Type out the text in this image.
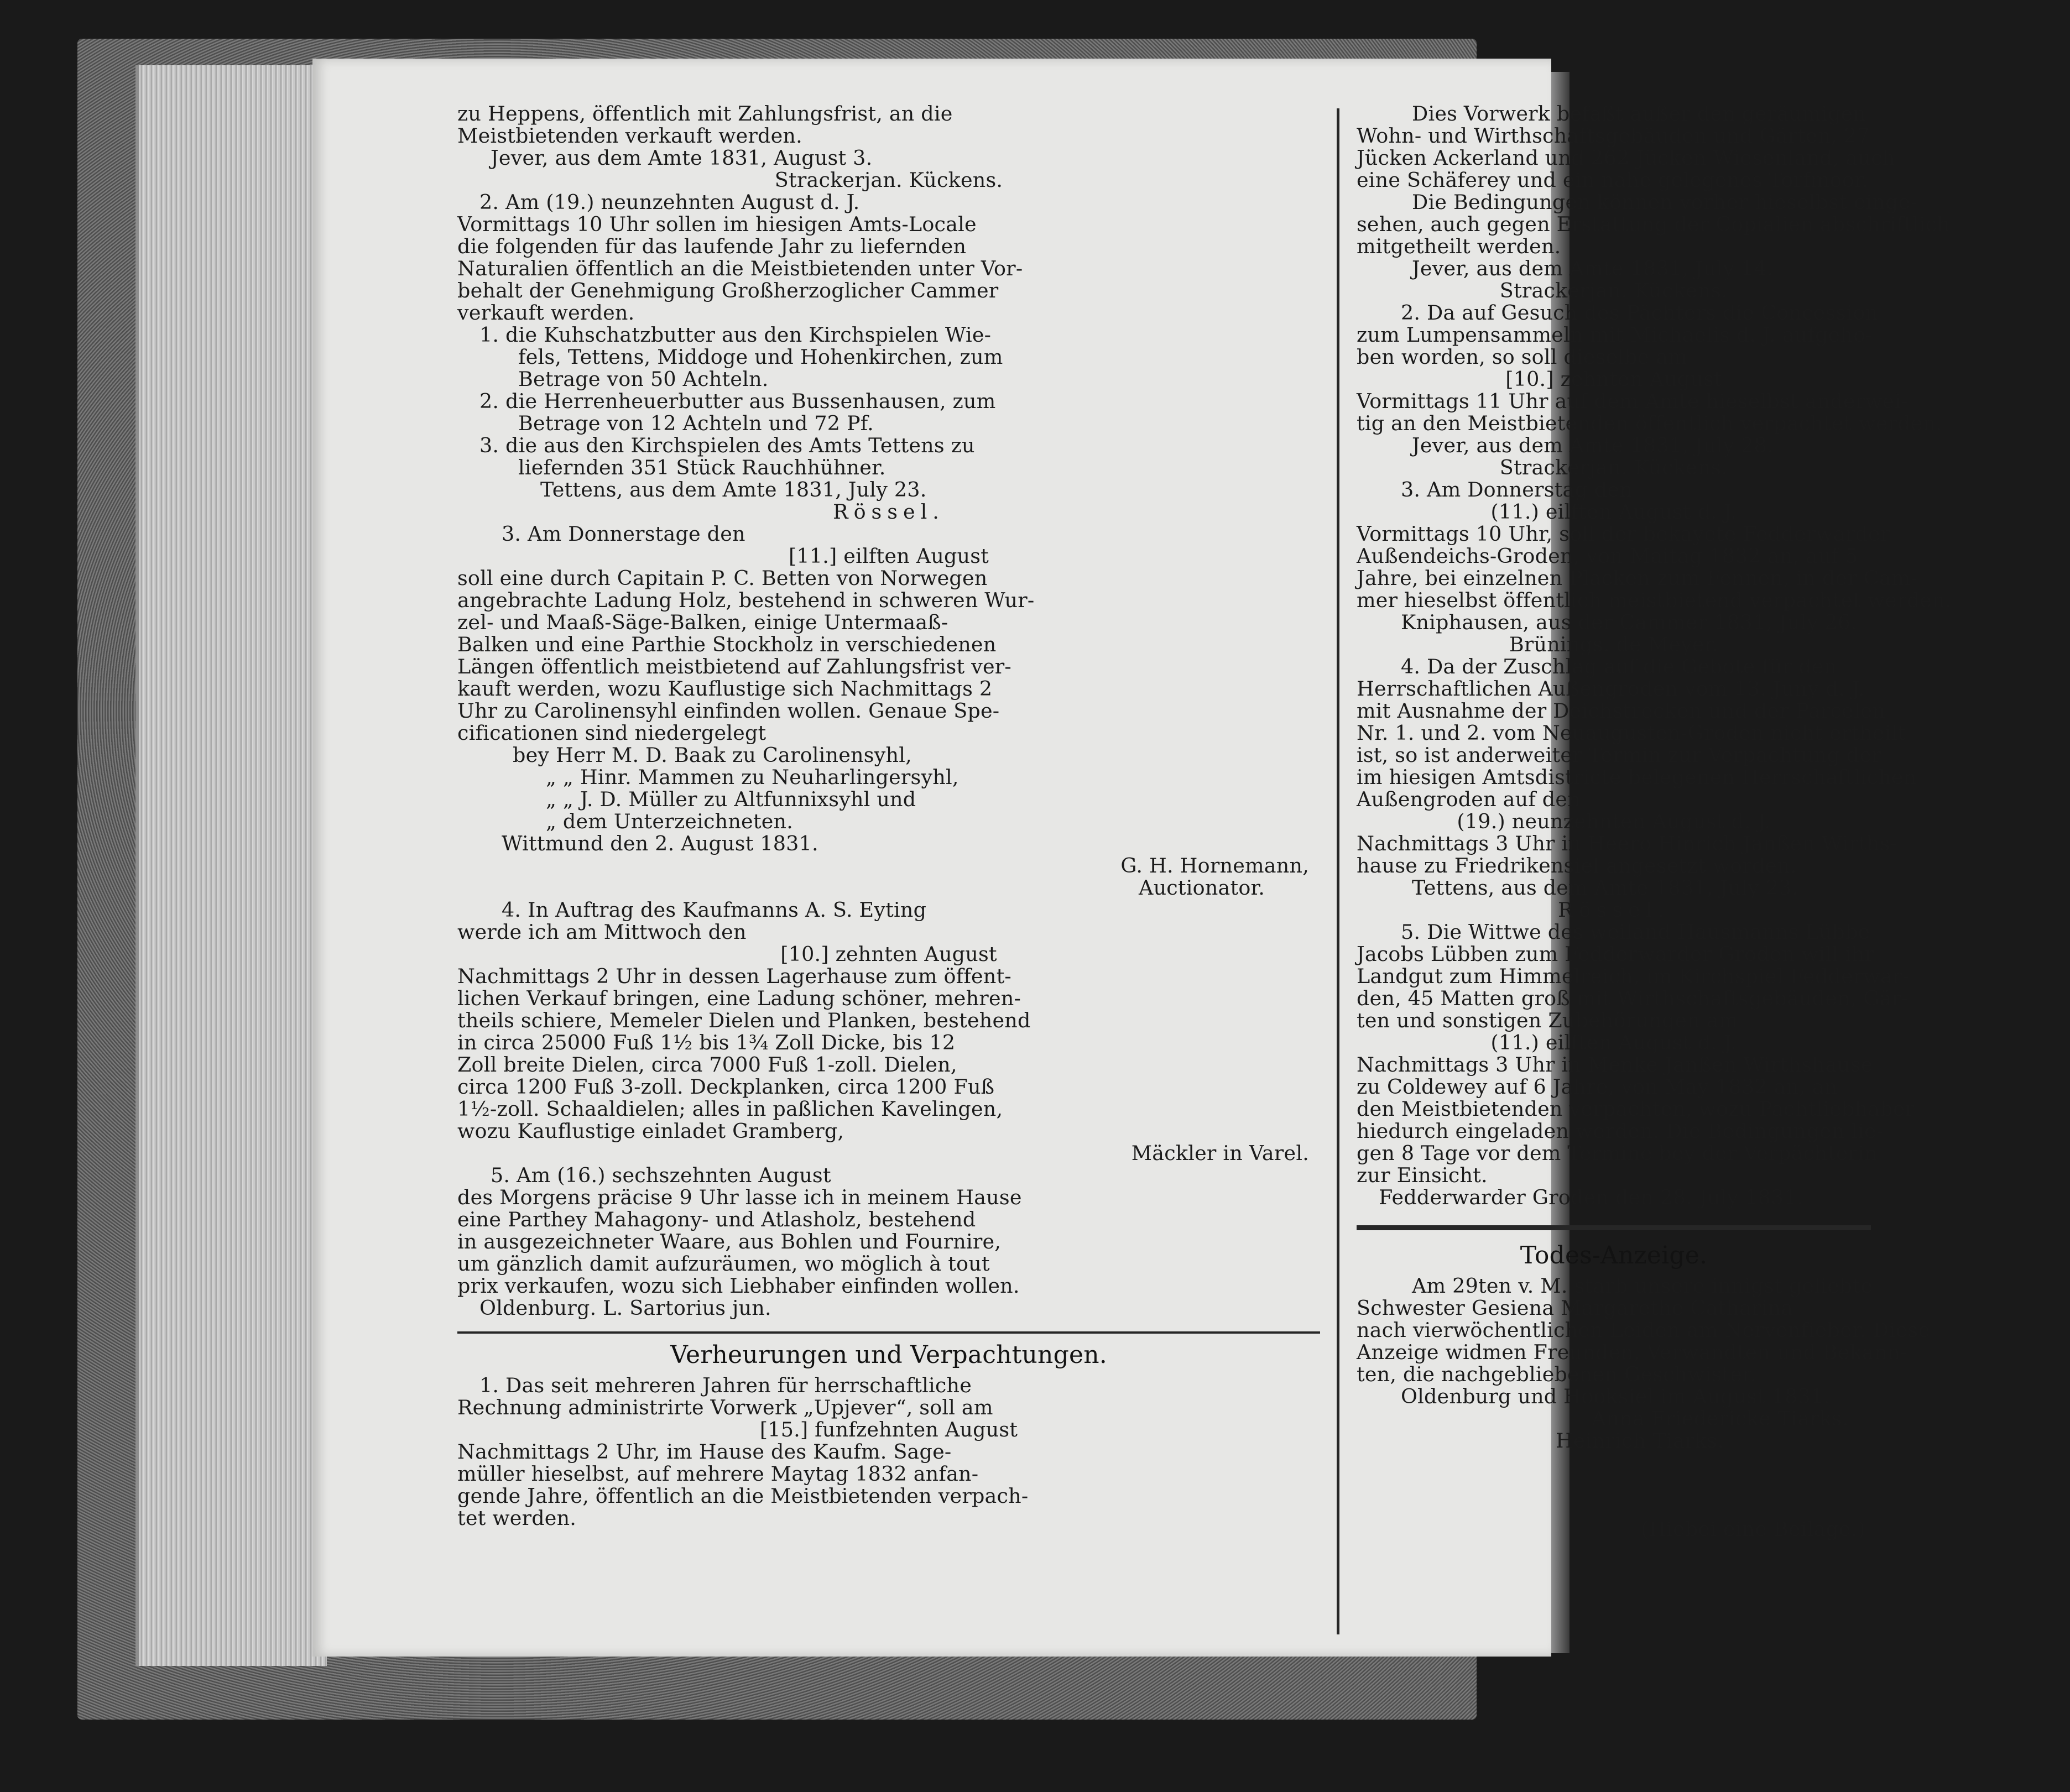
zu Heppens, öffentlich mit Zahlungsfrist, an die
Meistbietenden verkauft werden.
Jever, aus dem Amte 1831, August 3.
Strackerjan. Kückens.
2. Am (19.) neunzehnten August d. J.
Vormittags 10 Uhr sollen im hiesigen Amts-Locale
die folgenden für das laufende Jahr zu liefernden
Naturalien öffentlich an die Meistbietenden unter Vor-
behalt der Genehmigung Großherzoglicher Cammer
verkauft werden.
1. die Kuhschatzbutter aus den Kirchspielen Wie-
fels, Tettens, Middoge und Hohenkirchen, zum
Betrage von 50 Achteln.
2. die Herrenheuerbutter aus Bussenhausen, zum
Betrage von 12 Achteln und 72 Pf.
3. die aus den Kirchspielen des Amts Tettens zu
liefernden 351 Stück Rauchhühner.
Tettens, aus dem Amte 1831, July 23.
Rössel.
3. Am Donnerstage den
[11.] eilften August
soll eine durch Capitain P. C. Betten von Norwegen
angebrachte Ladung Holz, bestehend in schweren Wur-
zel- und Maaß-Säge-Balken, einige Untermaaß-
Balken und eine Parthie Stockholz in verschiedenen
Längen öffentlich meistbietend auf Zahlungsfrist ver-
kauft werden, wozu Kauflustige sich Nachmittags 2
Uhr zu Carolinensyhl einfinden wollen. Genaue Spe-
cificationen sind niedergelegt
bey Herr M. D. Baak zu Carolinensyhl,
„ „ Hinr. Mammen zu Neuharlingersyhl,
„ „ J. D. Müller zu Altfunnixsyhl und
„ dem Unterzeichneten.
Wittmund den 2. August 1831.
G. H. Hornemann,
Auctionator.
4. In Auftrag des Kaufmanns A. S. Eyting
werde ich am Mittwoch den
[10.] zehnten August
Nachmittags 2 Uhr in dessen Lagerhause zum öffent-
lichen Verkauf bringen, eine Ladung schöner, mehren-
theils schiere, Memeler Dielen und Planken, bestehend
in circa 25000 Fuß 1½ bis 1¾ Zoll Dicke, bis 12
Zoll breite Dielen, circa 7000 Fuß 1-zoll. Dielen,
circa 1200 Fuß 3-zoll. Deckplanken, circa 1200 Fuß
1½-zoll. Schaaldielen; alles in paßlichen Kavelingen,
wozu Kauflustige einladet Gramberg,
Mäckler in Varel.
5. Am (16.) sechszehnten August
des Morgens präcise 9 Uhr lasse ich in meinem Hause
eine Parthey Mahagony- und Atlasholz, bestehend
in ausgezeichneter Waare, aus Bohlen und Fournire,
um gänzlich damit aufzuräumen, wo möglich à tout
prix verkaufen, wozu sich Liebhaber einfinden wollen.
Oldenburg. L. Sartorius jun.
Verheurungen und Verpachtungen.
1. Das seit mehreren Jahren für herrschaftliche
Rechnung administrirte Vorwerk „Upjever“, soll am
[15.] funfzehnten August
Nachmittags 2 Uhr, im Hause des Kaufm. Sage-
müller hieselbst, auf mehrere Maytag 1832 anfan-
gende Jahre, öffentlich an die Meistbietenden verpach-
tet werden.
Dies Vorwerk befaßt außer den geräumigen
Wohn- und Wirthschaftsgebäuden und Gärten, 27
Jücken Ackerland und 262 Jücken Wiesenland, auch
eine Schäferey und ein nahe gelegenes Torfmoor.
Die Bedingungen können vorher hieselbst einge-
sehen, auch gegen Erstattung der Copialien abschriftlich
mitgetheilt werden.
Jever, aus dem Amte 1831, July 14.
Strackerjan. Kückens.
2. Da auf Gesuch des Pächters die Concession
zum Lumpensammeln mit Michaelis d. J. aufgeho-
ben worden, so soll dieselbe am
[10.] zehnten August
Vormittags 11 Uhr auf dem Amte hieselbst anderwei-
tig an den Meistbietenden öffentlich verpachtet werden.
Jever, aus dem Amte 1831, July 28.
Strackerjan. Kückens.
3. Am Donnerstag den
(11.) eilften August d. J.
Vormittags 10 Uhr, soll der bekayete Fedderwarder
Außendeichs-Groden, von Maitag 1832 an, auf 5
Jahre, bei einzelnen Placken zum Fennen, in der Cam-
mer hieselbst öffentlich meistbietend verpachtet werden.
Kniphausen, aus der Cammer 1831, July 26.
Brünings. de Meyer.
4. Da der Zuschlag auf die Gebote für den
Herrschaftlichen Außengroden vom 13. Juny d. J.
mit Ausnahme der Deichstrecken und der Parcelen
Nr. 1. und 2. vom Neuaugusten-Groden nicht ertheilt
ist, so ist anderweiter Termin zur Verpachtung der
im hiesigen Amtsdistricte belegenen Herrschaftlichen
Außengroden auf den
(19.) neunzehnten August d. J.
Nachmittags 3 Uhr in Heero Hinrich Janßen Wirths-
hause zu Friedrikensiel angesetzt worden.
Tettens, aus dem Amte 1831, July 23.
Rössel.
5. Die Wittwe des weiland Hausmanns Lübbe
Jacobs Lübben zum Fedderwarder Groden will ihr
Landgut zum Himmelreich, im Kirchspiel Fedderwar-
den, 45 Matten groß mit Wirthschaftsgebäuden, Gär-
ten und sonstigen Zubehörungen am
(11.) eilften August d. J.
Nachmittags 3 Uhr in Menke Janßen Wirthshause
zu Coldewey auf 6 Jahre, von May 1832 an, an
den Meistbietenden verpachten, wozu Pachtliebhaber
hiedurch eingeladen werden. Die Bedingungen lie-
gen 8 Tage vor dem Termine bey der Verpächterin
zur Einsicht.
Fedderwarder Groden den 28. July 1831.
Todes-Anzeige.
Am 29ten v. M. starb unsere innigst geliebte
Schwester Gesiena Margarethe Catharina
nach vierwöchentlichen Leiden am Nervenfieber. Diese
Anzeige widmen Freunden, Verwandten und Bekann-
ten, die nachgebliebenen Geschwister.
Oldenburg und Hooksiel im August 1831.
Anna Friedericke Tiarks.
Heinrich Tiarks.
(Hiebei eine Beilage.)
